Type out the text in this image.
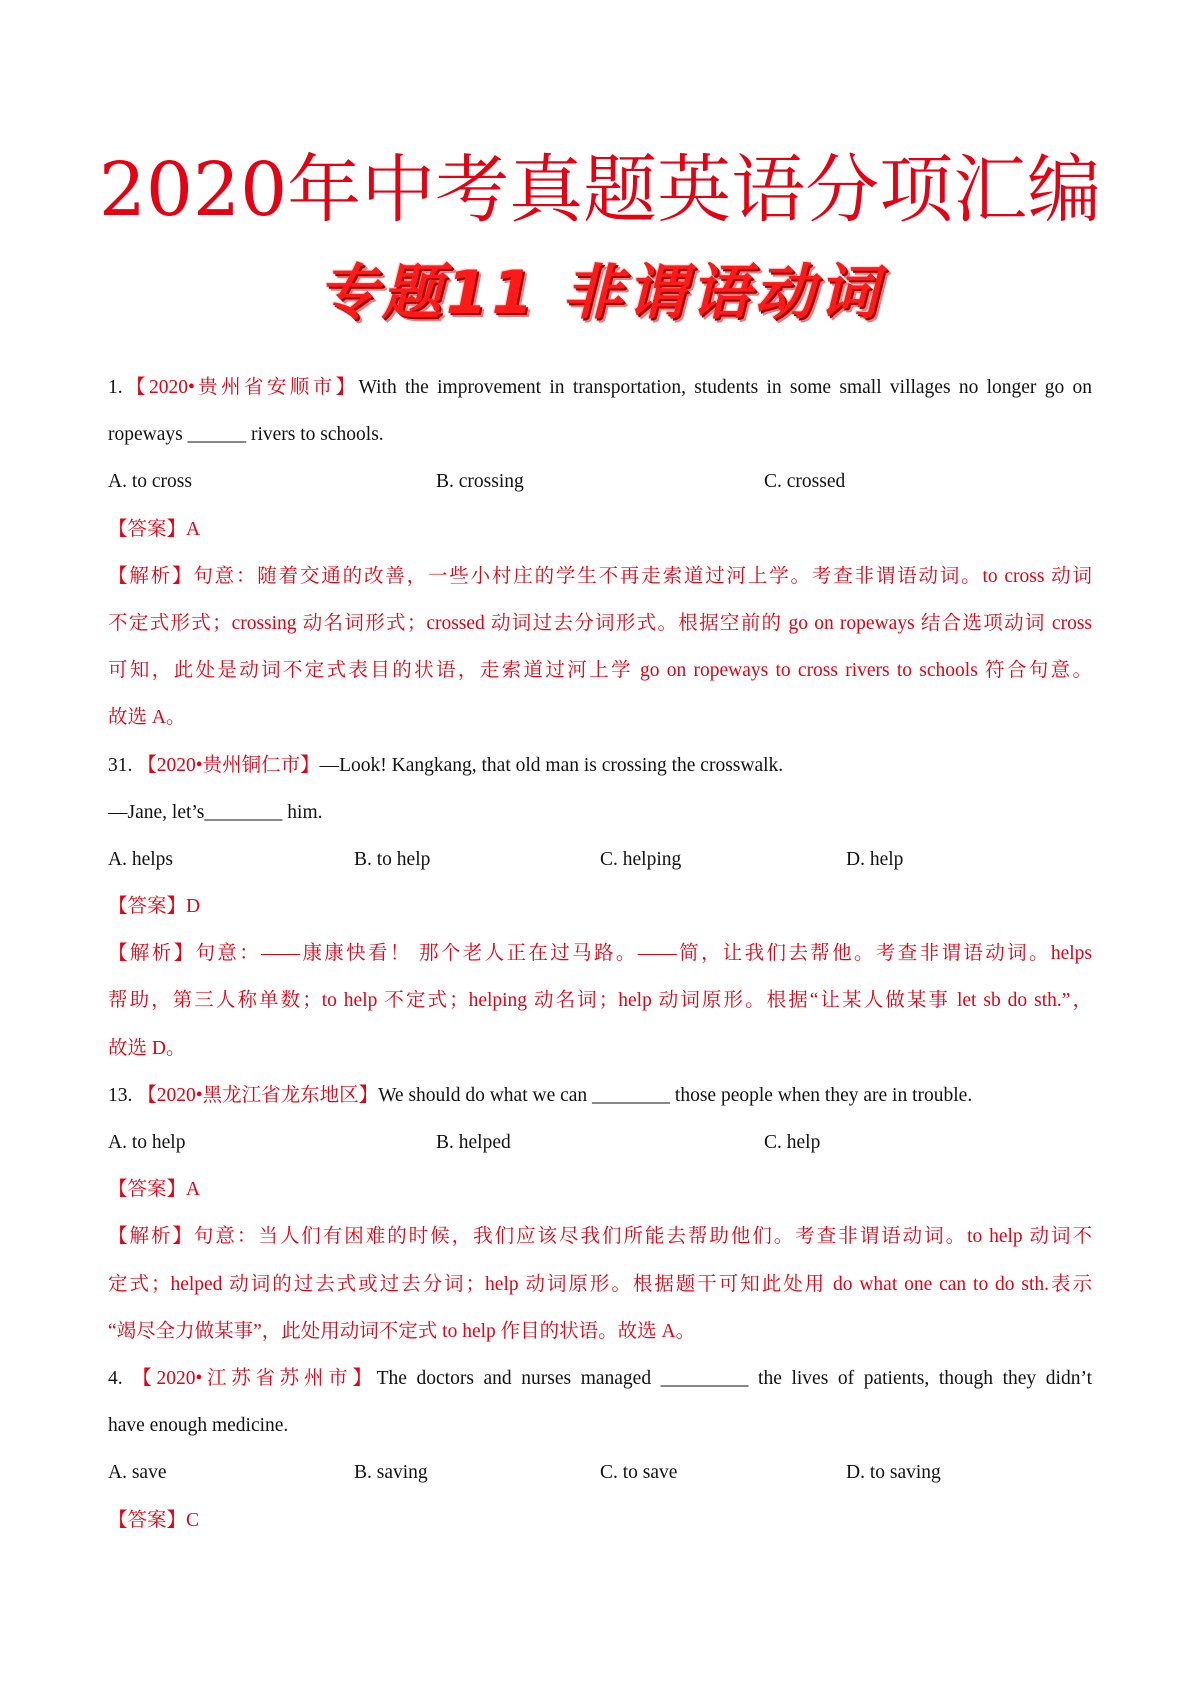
2020年中考真题英语分项汇编
专题11 非谓语动词
1.【2020•贵州省安顺市】With the improvement in transportation, students in some small villages no longer go on
ropeways ______ rivers to schools.
A. to cross	B. crossing	C. crossed
【答案】A
【解析】句意：随着交通的改善，一些小村庄的学生不再走索道过河上学。考查非谓语动词。to cross 动词
不定式形式；crossing 动名词形式；crossed 动词过去分词形式。根据空前的 go on ropeways 结合选项动词 cross
可知，此处是动词不定式表目的状语，走索道过河上学 go on ropeways to cross rivers to schools 符合句意。
故选 A。
31. 【2020•贵州铜仁市】—Look! Kangkang, that old man is crossing the crosswalk.
—Jane, let’s________ him.
A. helps	B. to help	C. helping	D. help
【答案】D
【解析】句意：——康康快看！ 那个老人正在过马路。——简，让我们去帮他。考查非谓语动词。helps
帮助，第三人称单数；to help 不定式；helping 动名词；help 动词原形。根据“让某人做某事 let sb do sth.”，
故选 D。
13. 【2020•黑龙江省龙东地区】We should do what we can ________ those people when they are in trouble.
A. to help	B. helped	C. help
【答案】A
【解析】句意：当人们有困难的时候，我们应该尽我们所能去帮助他们。考查非谓语动词。to help 动词不
定式；helped 动词的过去式或过去分词；help 动词原形。根据题干可知此处用 do what one can to do sth.表示
“竭尽全力做某事”，此处用动词不定式 to help 作目的状语。故选 A。
4. 【2020•江苏省苏州市】The doctors and nurses managed _________ the lives of patients, though they didn’t
have enough medicine.
A. save	B. saving	C. to save	D. to saving
【答案】C
